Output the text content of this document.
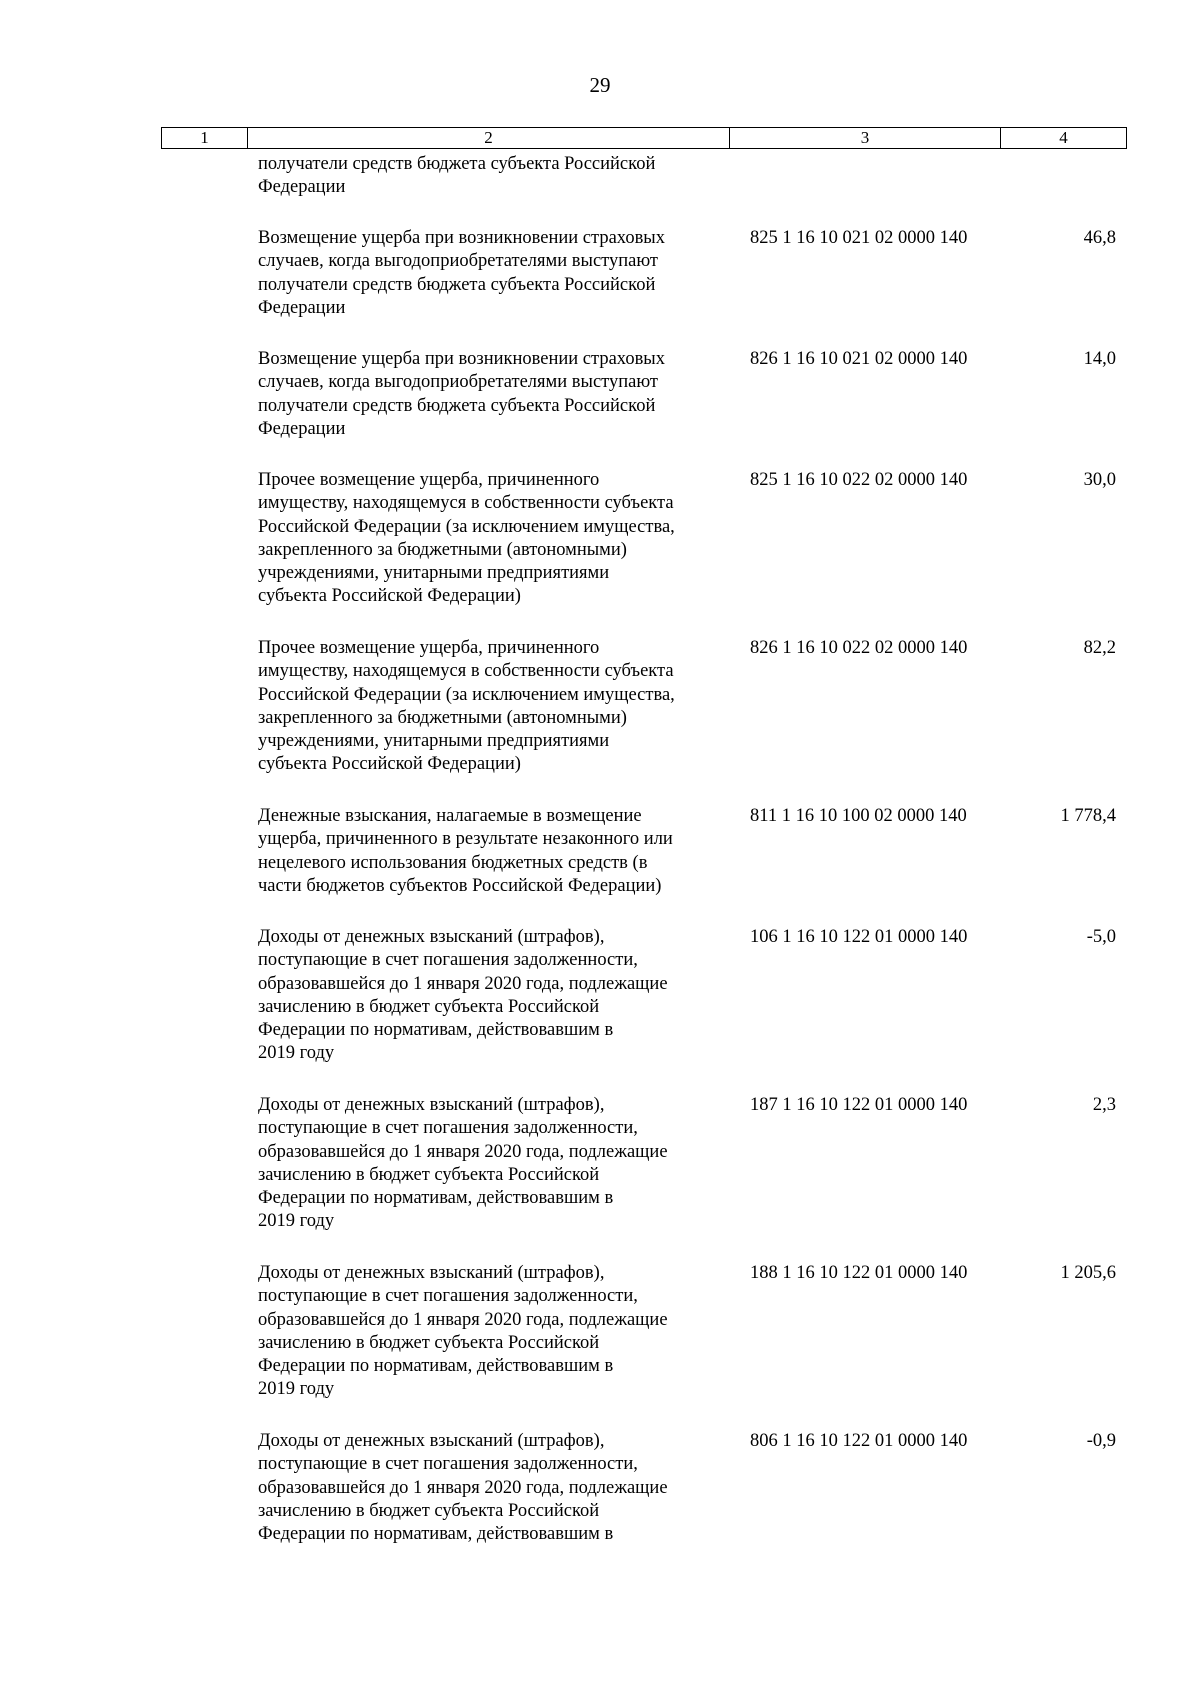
29
1	2	3	4
получатели средств бюджета субъекта Российской
Федерации
Возмещение ущерба при возникновении страховых
случаев, когда выгодоприобретателями выступают
получатели средств бюджета субъекта Российской
Федерации
825 1 16 10 021 02 0000 140	46,8
Возмещение ущерба при возникновении страховых
случаев, когда выгодоприобретателями выступают
получатели средств бюджета субъекта Российской
Федерации
826 1 16 10 021 02 0000 140	14,0
Прочее возмещение ущерба, причиненного
имуществу, находящемуся в собственности субъекта
Российской Федерации (за исключением имущества,
закрепленного за бюджетными (автономными)
учреждениями, унитарными предприятиями
субъекта Российской Федерации)
825 1 16 10 022 02 0000 140	30,0
Прочее возмещение ущерба, причиненного
имуществу, находящемуся в собственности субъекта
Российской Федерации (за исключением имущества,
закрепленного за бюджетными (автономными)
учреждениями, унитарными предприятиями
субъекта Российской Федерации)
826 1 16 10 022 02 0000 140	82,2
Денежные взыскания, налагаемые в возмещение
ущерба, причиненного в результате незаконного или
нецелевого использования бюджетных средств (в
части бюджетов субъектов Российской Федерации)
811 1 16 10 100 02 0000 140	1 778,4
Доходы от денежных взысканий (штрафов),
поступающие в счет погашения задолженности,
образовавшейся до 1 января 2020 года, подлежащие
зачислению в бюджет субъекта Российской
Федерации по нормативам, действовавшим в
2019 году
106 1 16 10 122 01 0000 140	-5,0
Доходы от денежных взысканий (штрафов),
поступающие в счет погашения задолженности,
образовавшейся до 1 января 2020 года, подлежащие
зачислению в бюджет субъекта Российской
Федерации по нормативам, действовавшим в
2019 году
187 1 16 10 122 01 0000 140	2,3
Доходы от денежных взысканий (штрафов),
поступающие в счет погашения задолженности,
образовавшейся до 1 января 2020 года, подлежащие
зачислению в бюджет субъекта Российской
Федерации по нормативам, действовавшим в
2019 году
188 1 16 10 122 01 0000 140	1 205,6
Доходы от денежных взысканий (штрафов),
поступающие в счет погашения задолженности,
образовавшейся до 1 января 2020 года, подлежащие
зачислению в бюджет субъекта Российской
Федерации по нормативам, действовавшим в
806 1 16 10 122 01 0000 140	-0,9
